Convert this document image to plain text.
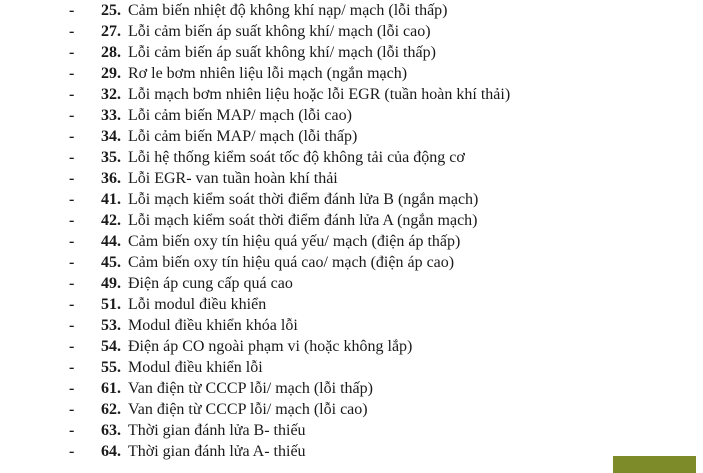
- 25. Cảm biến nhiệt độ không khí nạp/ mạch (lỗi thấp)
- 27. Lỗi cảm biến áp suất không khí/ mạch (lỗi cao)
- 28. Lỗi cảm biến áp suất không khí/ mạch (lỗi thấp)
- 29. Rơ le bơm nhiên liệu lỗi mạch (ngắn mạch)
- 32. Lỗi mạch bơm nhiên liệu hoặc lỗi EGR (tuần hoàn khí thải)
- 33. Lỗi cảm biến MAP/ mạch (lỗi cao)
- 34. Lỗi cảm biến MAP/ mạch (lỗi thấp)
- 35. Lỗi hệ thống kiểm soát tốc độ không tải của động cơ
- 36. Lỗi EGR- van tuần hoàn khí thải
- 41. Lỗi mạch kiểm soát thời điểm đánh lửa B (ngắn mạch)
- 42. Lỗi mạch kiểm soát thời điểm đánh lửa A (ngắn mạch)
- 44. Cảm biến oxy tín hiệu quá yếu/ mạch (điện áp thấp)
- 45. Cảm biến oxy tín hiệu quá cao/ mạch (điện áp cao)
- 49. Điện áp cung cấp quá cao
- 51. Lỗi modul điều khiển
- 53. Modul điều khiển khóa lỗi
- 54. Điện áp CO ngoài phạm vi (hoặc không lắp)
- 55. Modul điều khiển lỗi
- 61. Van điện từ CCCP lỗi/ mạch (lỗi thấp)
- 62. Van điện từ CCCP lỗi/ mạch (lỗi cao)
- 63. Thời gian đánh lửa B- thiếu
- 64. Thời gian đánh lửa A- thiếu
